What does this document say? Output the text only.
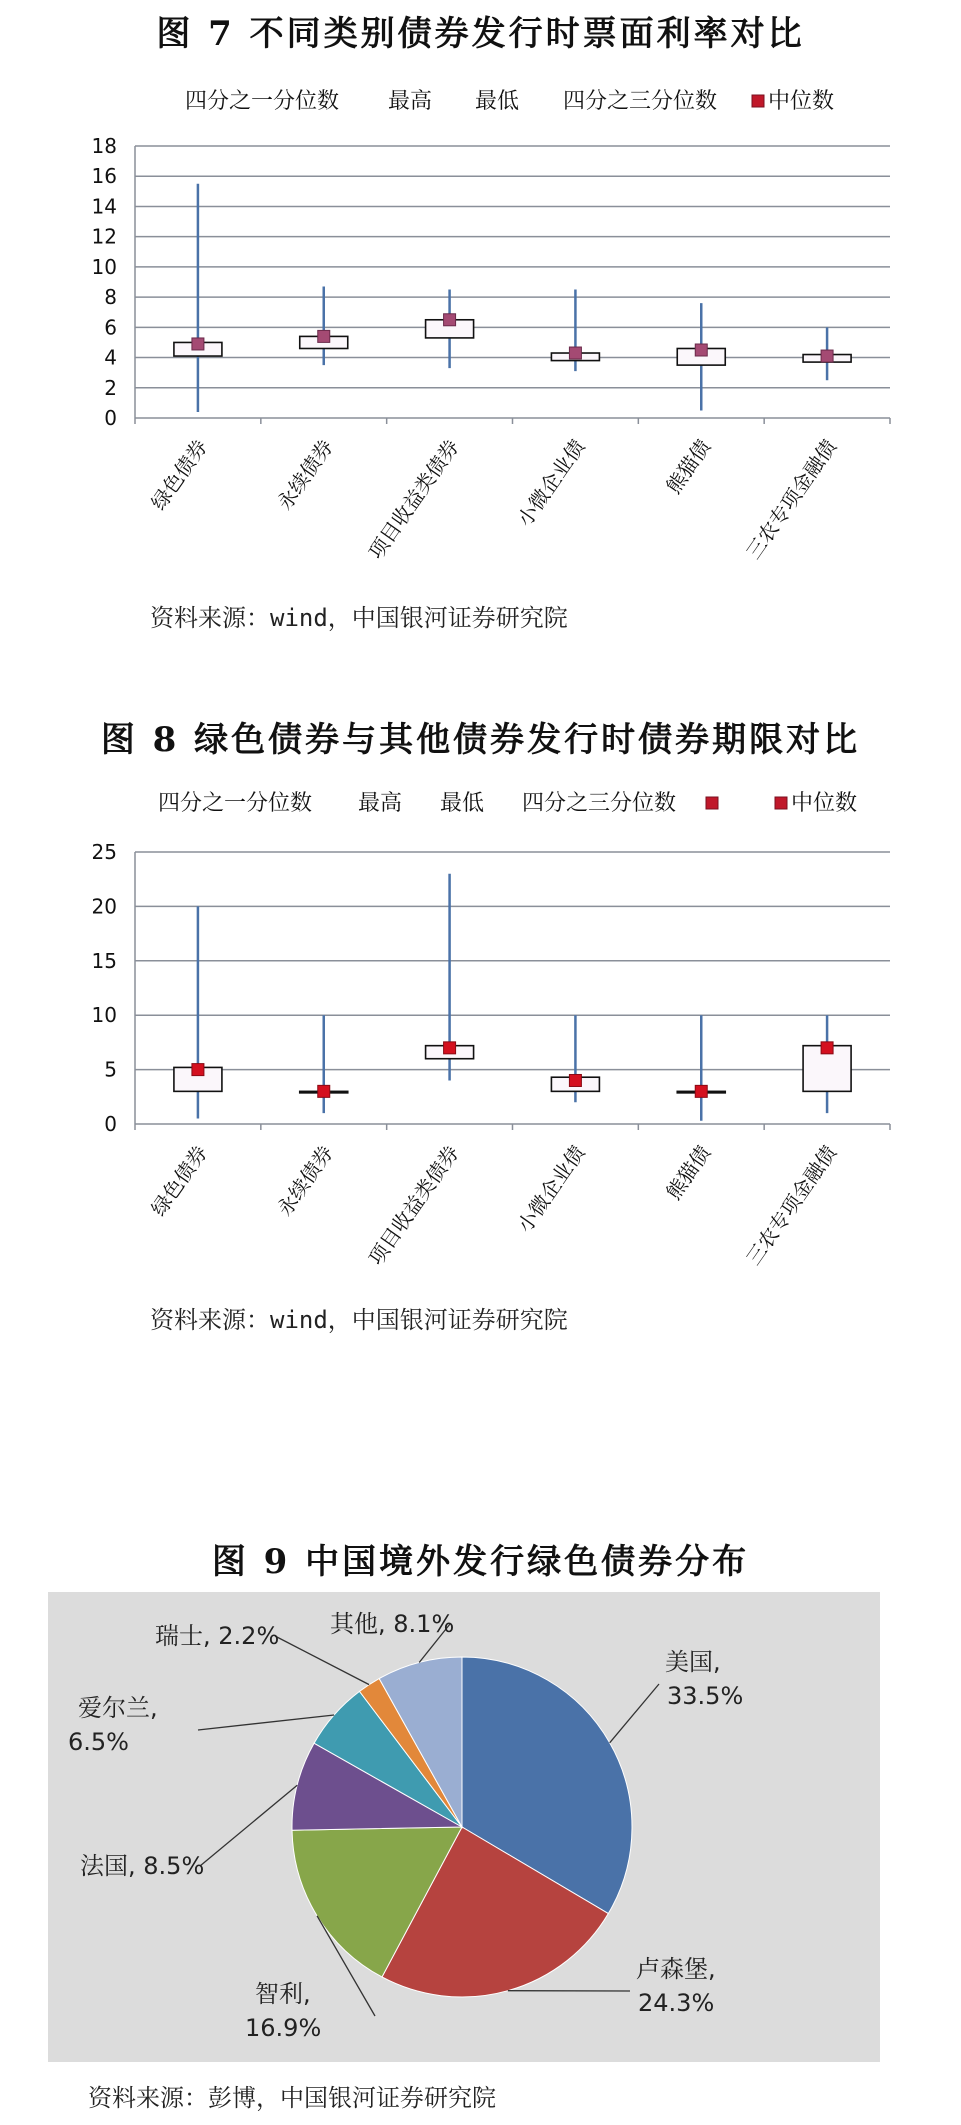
图 7 不同类别债券发行时票面利率对比
四分之一分位数 最高 最低 四分之三分位数 中位数
0
2
4
6
8
10
12
14
16
18
绿色债券	永续债券 项目收益类债券 小微企业债	熊猫债 三农专项金融债
资料来源：wind，中国银河证券研究院
图 8 绿色债券与其他债券发行时债券期限对比
四分之一分位数 最高 最低 四分之三分位数	中位数
0
5
10
15
20
25
绿色债券	永续债券 项目收益类债券 小微企业债	熊猫债 三农专项金融债
资料来源：wind，中国银河证券研究院
图 9 中国境外发行绿色债券分布
美国,
33.5%
卢森堡,
24.3%
智利,
16.9%
法国, 8.5%
爱尔兰,
6.5%
瑞士, 2.2% 其他, 8.1%
资料来源：彭博，中国银河证券研究院
